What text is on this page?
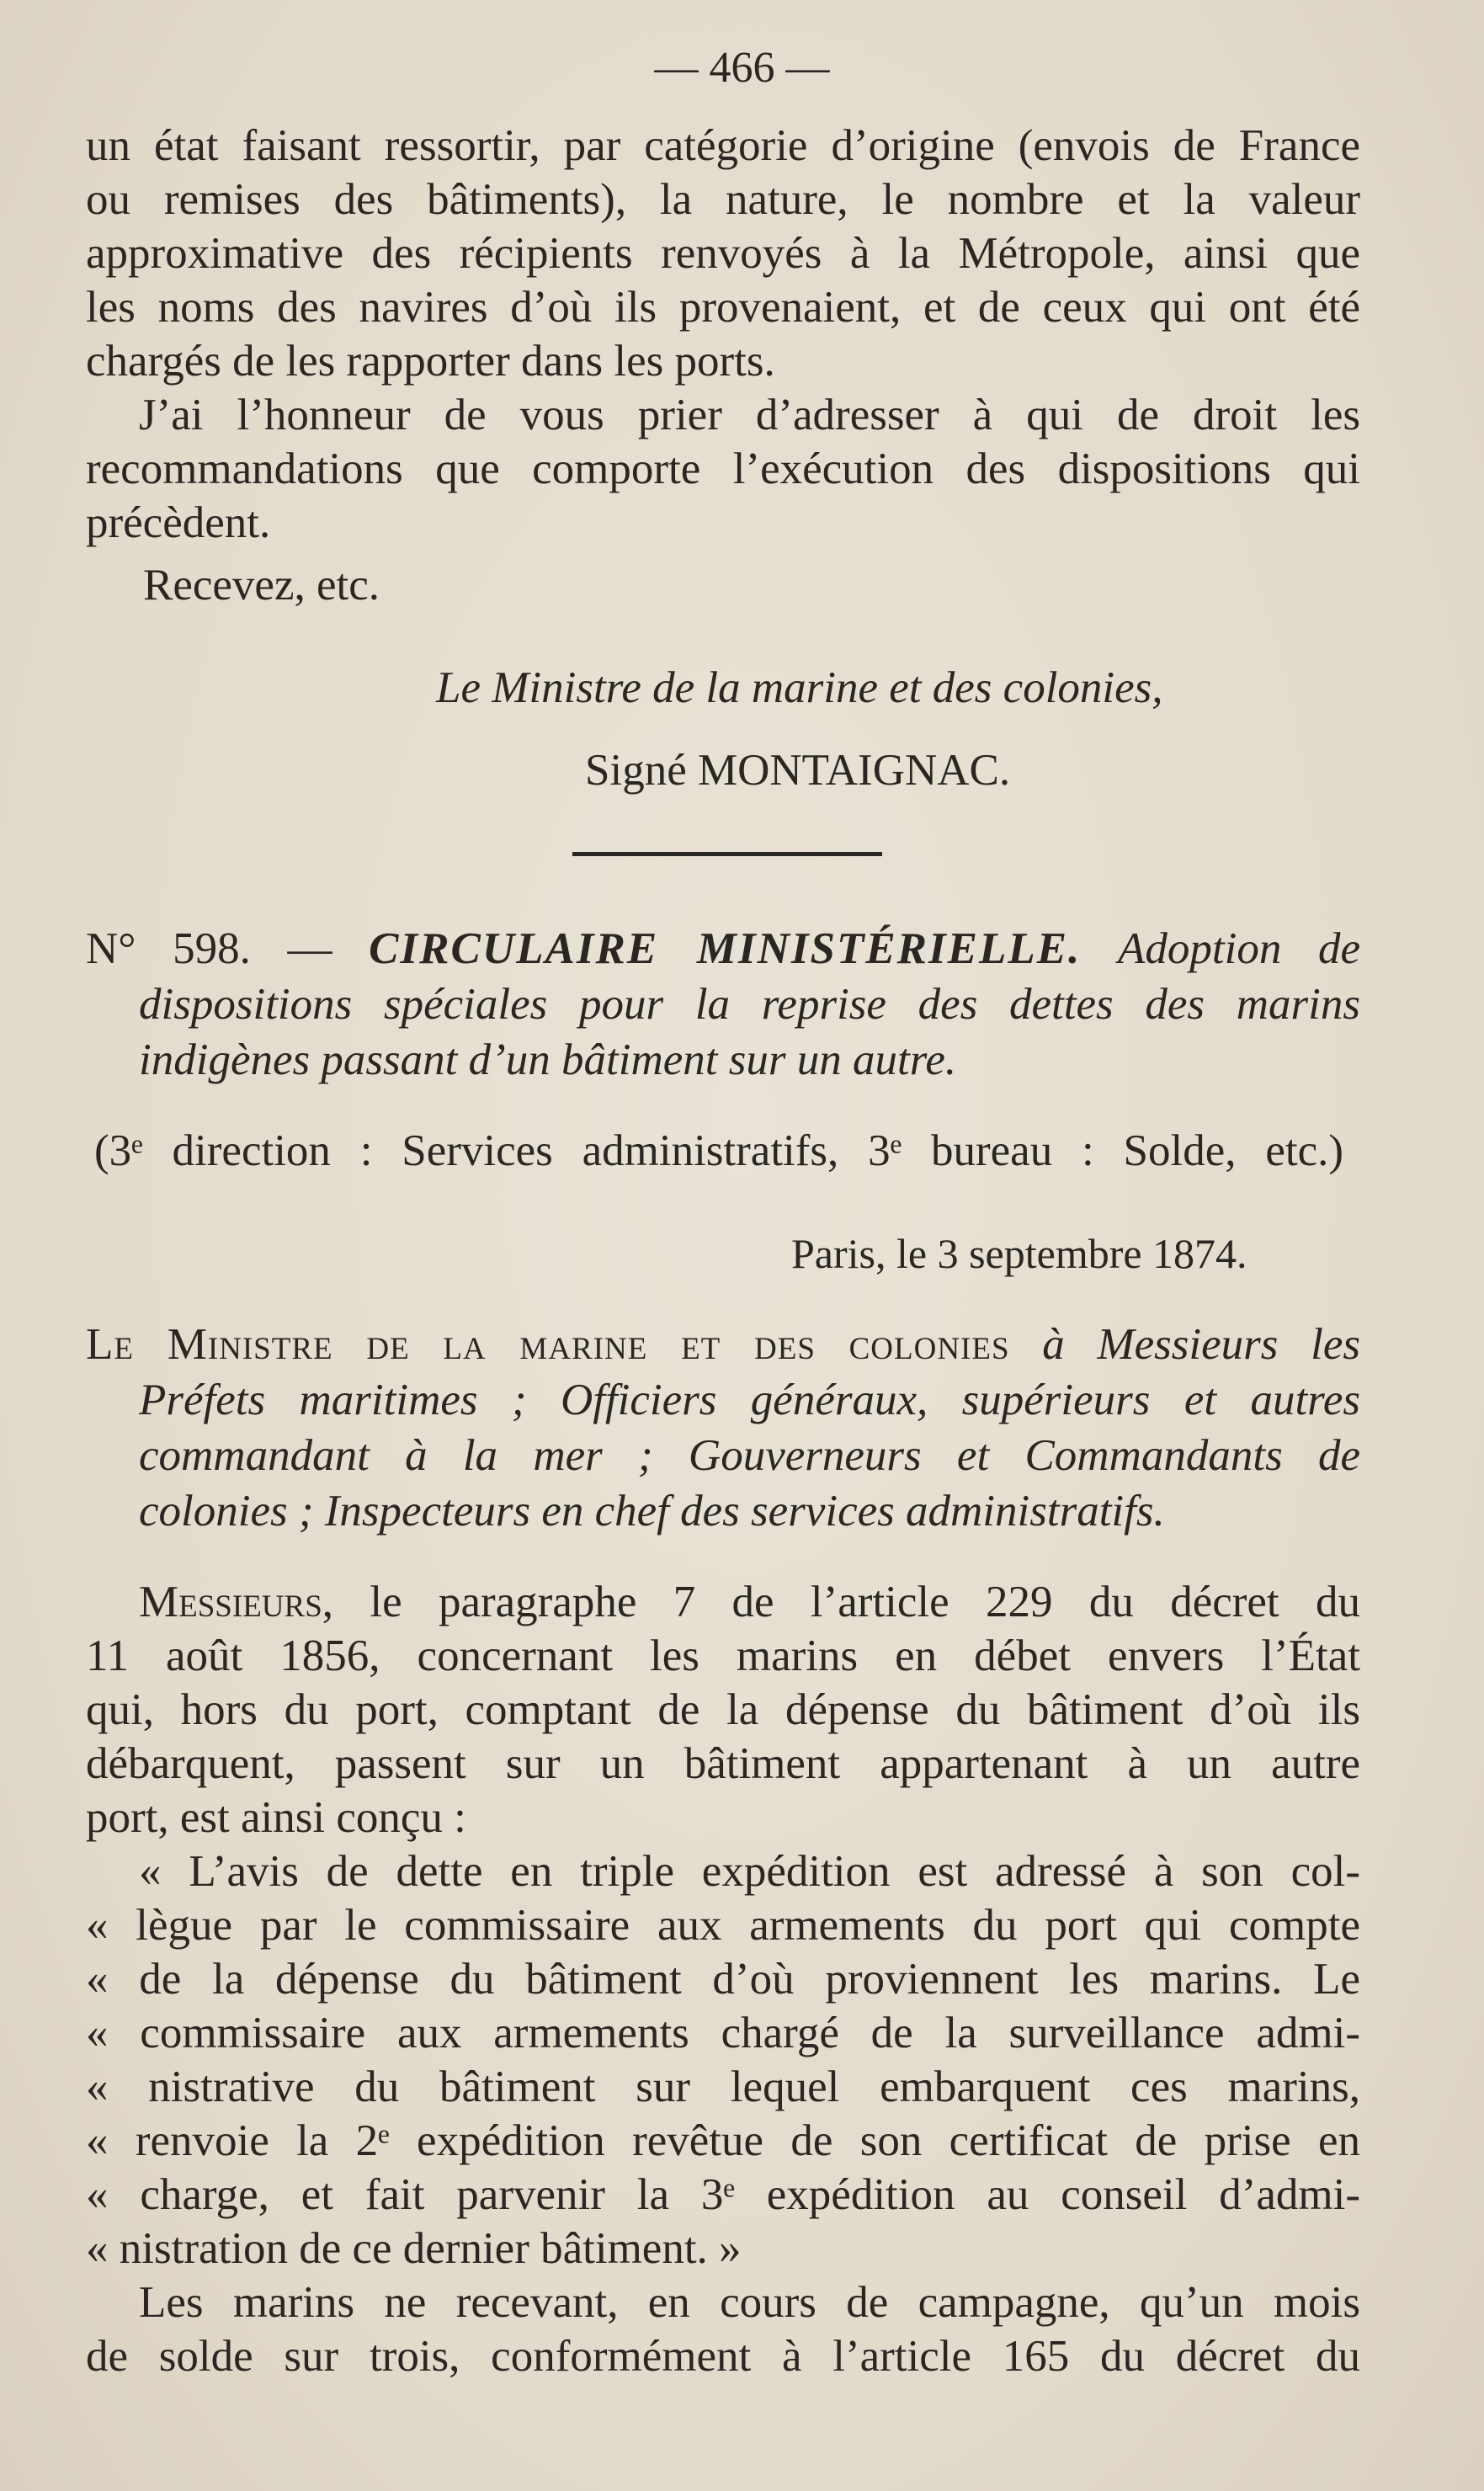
— 466 —
un état faisant ressortir, par catégorie d’origine (envois de France
ou remises des bâtiments), la nature, le nombre et la valeur
approximative des récipients renvoyés à la Métropole, ainsi que
les noms des navires d’où ils provenaient, et de ceux qui ont été
chargés de les rapporter dans les ports.
J’ai l’honneur de vous prier d’adresser à qui de droit les
recommandations que comporte l’exécution des dispositions qui
précèdent.
Recevez, etc.
Le Ministre de la marine et des colonies,
Signé MONTAIGNAC.
N° 598. — CIRCULAIRE MINISTÉRIELLE. Adoption de
dispositions spéciales pour la reprise des dettes des marins
indigènes passant d’un bâtiment sur un autre.
(3ᵉ direction : Services administratifs, 3ᵉ bureau : Solde, etc.)
Paris, le 3 septembre 1874.
Le Ministre de la marine et des colonies à Messieurs les
Préfets maritimes ; Officiers généraux, supérieurs et autres
commandant à la mer ; Gouverneurs et Commandants de
colonies ; Inspecteurs en chef des services administratifs.
Messieurs, le paragraphe 7 de l’article 229 du décret du
11 août 1856, concernant les marins en débet envers l’État
qui, hors du port, comptant de la dépense du bâtiment d’où ils
débarquent, passent sur un bâtiment appartenant à un autre
port, est ainsi conçu :
« L’avis de dette en triple expédition est adressé à son col-
« lègue par le commissaire aux armements du port qui compte
« de la dépense du bâtiment d’où proviennent les marins. Le
« commissaire aux armements chargé de la surveillance admi-
« nistrative du bâtiment sur lequel embarquent ces marins,
« renvoie la 2ᵉ expédition revêtue de son certificat de prise en
« charge, et fait parvenir la 3ᵉ expédition au conseil d’admi-
« nistration de ce dernier bâtiment. »
Les marins ne recevant, en cours de campagne, qu’un mois
de solde sur trois, conformément à l’article 165 du décret du
